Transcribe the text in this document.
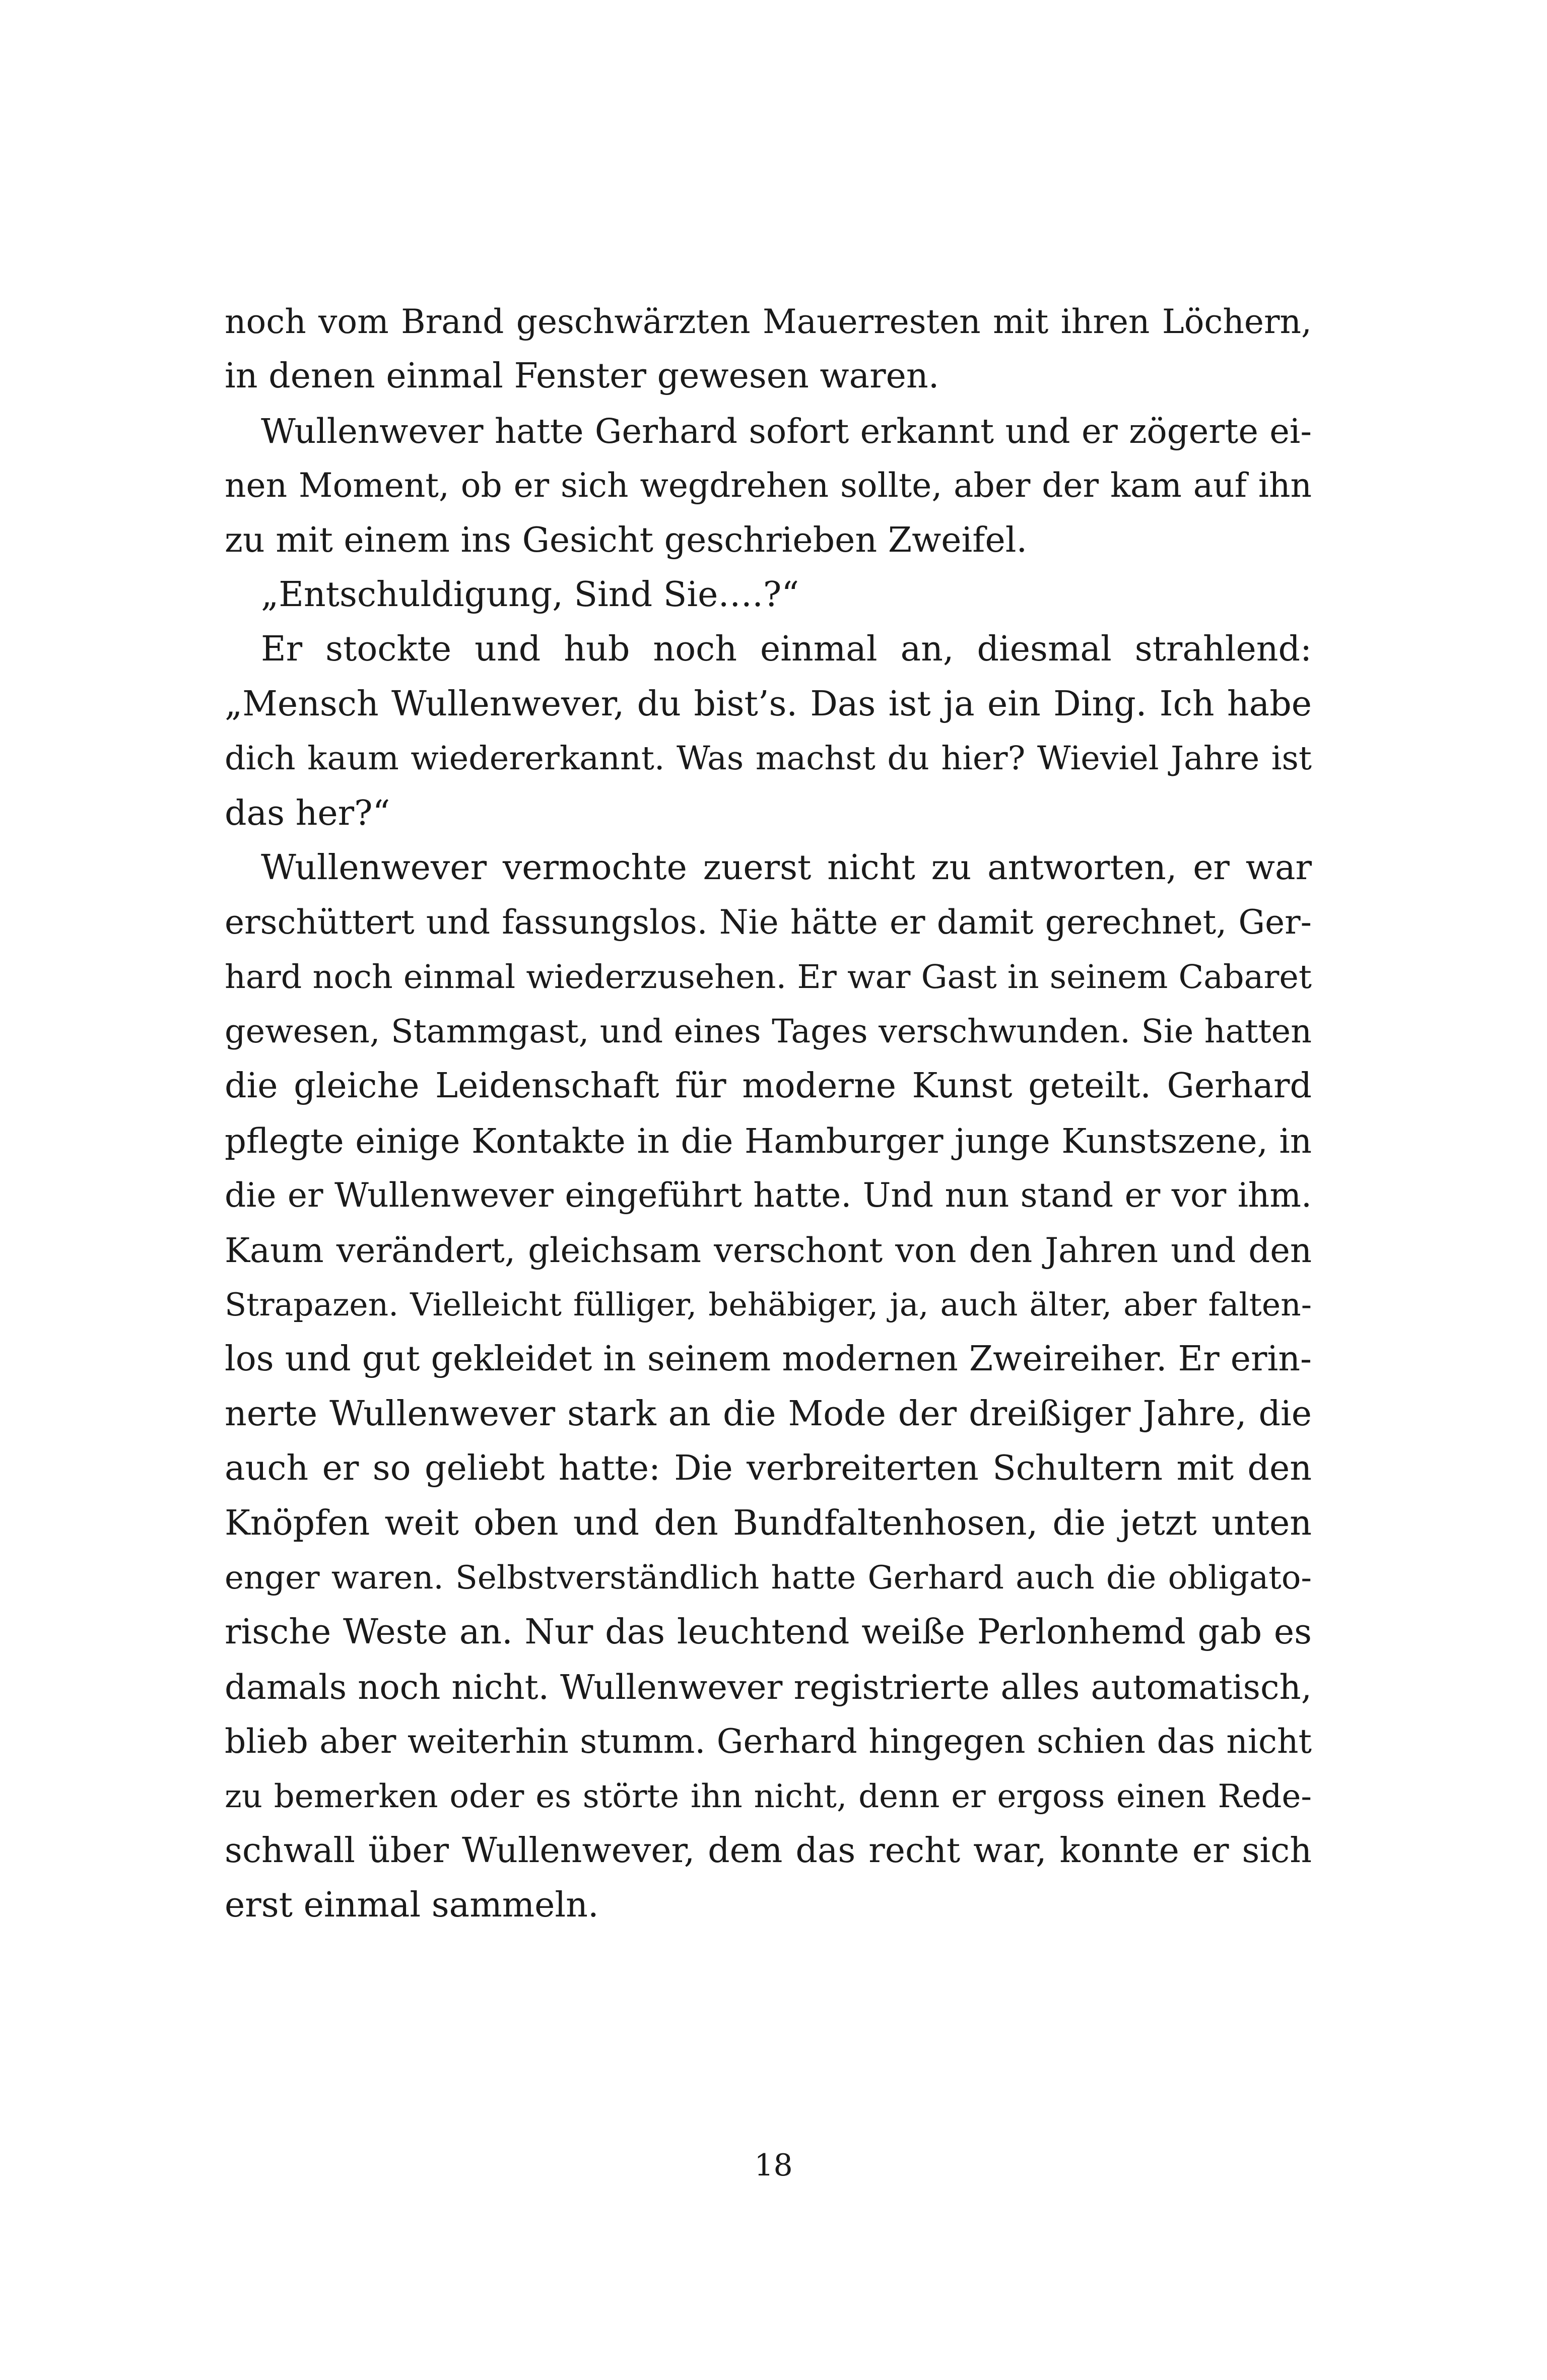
noch vom Brand geschwärzten Mauerresten mit ihren Löchern,
in denen einmal Fenster gewesen waren.
Wullenwever hatte Gerhard sofort erkannt und er zögerte ei-
nen Moment, ob er sich wegdrehen sollte, aber der kam auf ihn
zu mit einem ins Gesicht geschrieben Zweifel.
„Entschuldigung, Sind Sie….?“
Er stockte und hub noch einmal an, diesmal strahlend:
„Mensch Wullenwever, du bist’s. Das ist ja ein Ding. Ich habe
dich kaum wiedererkannt. Was machst du hier? Wieviel Jahre ist
das her?“
Wullenwever vermochte zuerst nicht zu antworten, er war
erschüttert und fassungslos. Nie hätte er damit gerechnet, Ger-
hard noch einmal wiederzusehen. Er war Gast in seinem Cabaret
gewesen, Stammgast, und eines Tages verschwunden. Sie hatten
die gleiche Leidenschaft für moderne Kunst geteilt. Gerhard
pflegte einige Kontakte in die Hamburger junge Kunstszene, in
die er Wullenwever eingeführt hatte. Und nun stand er vor ihm.
Kaum verändert, gleichsam verschont von den Jahren und den
Strapazen. Vielleicht fülliger, behäbiger, ja, auch älter, aber falten-
los und gut gekleidet in seinem modernen Zweireiher. Er erin-
nerte Wullenwever stark an die Mode der dreißiger Jahre, die
auch er so geliebt hatte: Die verbreiterten Schultern mit den
Knöpfen weit oben und den Bundfaltenhosen, die jetzt unten
enger waren. Selbstverständlich hatte Gerhard auch die obligato-
rische Weste an. Nur das leuchtend weiße Perlonhemd gab es
damals noch nicht. Wullenwever registrierte alles automatisch,
blieb aber weiterhin stumm. Gerhard hingegen schien das nicht
zu bemerken oder es störte ihn nicht, denn er ergoss einen Rede-
schwall über Wullenwever, dem das recht war, konnte er sich
erst einmal sammeln.
18
